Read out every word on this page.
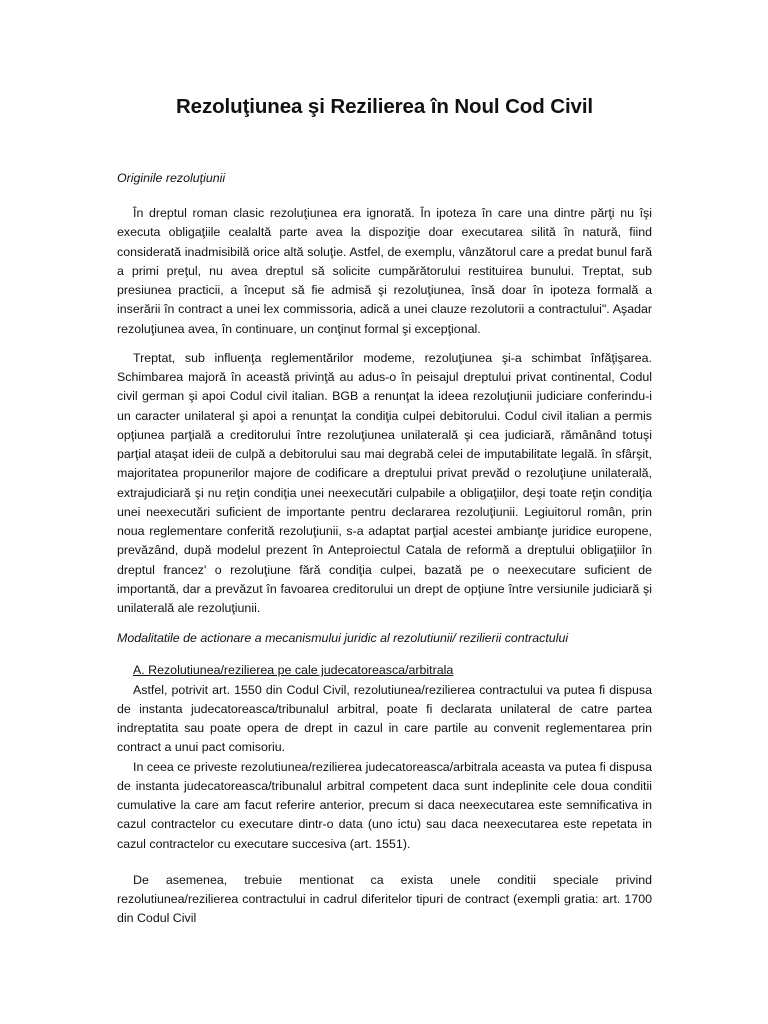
Rezoluţiunea şi Rezilierea în Noul Cod Civil

Originile rezoluţiunii

În dreptul roman clasic rezoluţiunea era ignorată. În ipoteza în care una dintre părţi nu îşi executa obligaţiile cealaltă parte avea la dispoziţie doar executarea silită în natură, fiind considerată inadmisibilă orice altă soluţie. Astfel, de exemplu, vânzătorul care a predat bunul fară a primi preţul, nu avea dreptul să solicite cumpărătorului restituirea bunului. Treptat, sub presiunea practicii, a început să fie admisă şi rezoluţiunea, însă doar în ipoteza formală a inserării în contract a unei lex commissoria, adică a unei clauze rezolutorii a contractului". Aşadar rezoluţiunea avea, în continuare, un conţinut formal şi excepţional.

Treptat, sub influenţa reglementărilor modeme, rezoluţiunea şi-a schimbat înfăţişarea. Schimbarea majoră în această privinţă au adus-o în peisajul dreptului privat continental, Codul civil german şi apoi Codul civil italian. BGB a renunţat la ideea rezoluţiunii judiciare conferindu-i un caracter unilateral şi apoi a renunţat la condiţia culpei debitorului. Codul civil italian a permis opţiunea parţială a creditorului între rezoluţiunea unilaterală şi cea judiciară, rămânând totuşi parţial ataşat ideii de culpă a debitorului sau mai degrabă celei de imputabilitate legală. în sfârşit, majoritatea propunerilor majore de codificare a dreptului privat prevăd o rezoluţiune unilaterală, extrajudiciară şi nu reţin condiţia unei neexecutări culpabile a obligaţiilor, deşi toate reţin condiţia unei neexecutări suficient de importante pentru declararea rezoluţiunii. Legiuitorul român, prin noua reglementare conferită rezoluţiunii, s-a adaptat parţial acestei ambianţe juridice europene, prevăzând, după modelul prezent în Anteproiectul Catala de reformă a dreptului obligaţiilor în dreptul francez' o rezoluţiune fără condiţia culpei, bazată pe o neexecutare suficient de importantă, dar a prevăzut în favoarea creditorului un drept de opţiune între versiunile judiciară şi unilaterală ale rezoluţiunii.

Modalitatile de actionare a mecanismului juridic al rezolutiunii/ rezilierii contractului

A. Rezolutiunea/rezilierea pe cale judecatoreasca/arbitrala

Astfel, potrivit art. 1550 din Codul Civil, rezolutiunea/rezilierea contractului va putea fi dispusa de instanta judecatoreasca/tribunalul arbitral, poate fi declarata unilateral de catre partea indreptatita sau poate opera de drept in cazul in care partile au convenit reglementarea prin contract a unui pact comisoriu.

In ceea ce priveste rezolutiunea/rezilierea judecatoreasca/arbitrala aceasta va putea fi dispusa de instanta judecatoreasca/tribunalul arbitral competent daca sunt indeplinite cele doua conditii cumulative la care am facut referire anterior, precum si daca neexecutarea este semnificativa in cazul contractelor cu executare dintr-o data (uno ictu) sau daca neexecutarea este repetata in cazul contractelor cu executare succesiva (art. 1551).

De asemenea, trebuie mentionat ca exista unele conditii speciale privind rezolutiunea/rezilierea contractului in cadrul diferitelor tipuri de contract (exempli gratia: art. 1700 din Codul Civil
